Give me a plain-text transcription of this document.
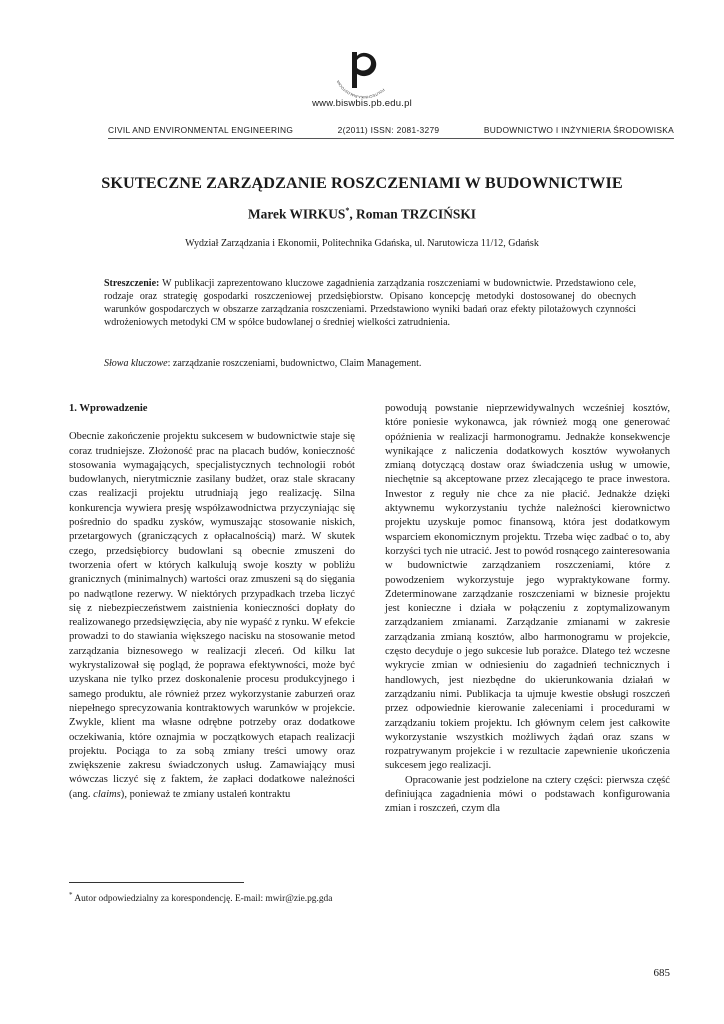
POLITECHNIKA BIAŁOSTOCKA
www.biswbis.pb.edu.pl
CIVIL AND ENVIRONMENTAL ENGINEERING	2(2011) ISSN: 2081-3279	BUDOWNICTWO I INŻYNIERIA ŚRODOWISKA
SKUTECZNE ZARZĄDZANIE ROSZCZENIAMI W BUDOWNICTWIE
Marek WIRKUS*, Roman TRZCIŃSKI
Wydział Zarządzania i Ekonomii, Politechnika Gdańska, ul. Narutowicza 11/12, Gdańsk
Streszczenie: W publikacji zaprezentowano kluczowe zagadnienia zarządzania roszczeniami w budownictwie. Przedstawiono cele, rodzaje oraz strategię gospodarki roszczeniowej przedsiębiorstw. Opisano koncepcję metodyki dostosowanej do obecnych warunków gospodarczych w obszarze zarządzania roszczeniami. Przedstawiono wyniki badań oraz efekty pilotażowych czynności wdrożeniowych metodyki CM w spółce budowlanej o średniej wielkości zatrudnienia.
Słowa kluczowe: zarządzanie roszczeniami, budownictwo, Claim Management.
1. Wprowadzenie

Obecnie zakończenie projektu sukcesem w budownictwie staje się coraz trudniejsze. Złożoność prac na placach budów, konieczność stosowania wymagających, specjalistycznych technologii robót budowlanych, nierytmicznie zasilany budżet, oraz stale skracany czas realizacji projektu utrudniają jego realizację. Silna konkurencja wywiera presję współzawodnictwa przyczyniając się pośrednio do spadku zysków, wymuszając stosowanie niskich, przetargowych (graniczących z opłacalnością) marż. W skutek czego, przedsiębiorcy budowlani są obecnie zmuszeni do tworzenia ofert w których kalkulują swoje koszty w pobliżu granicznych (minimalnych) wartości oraz zmuszeni są do sięgania po nadwątlone rezerwy. W niektórych przypadkach trzeba liczyć się z niebezpieczeństwem zaistnienia konieczności dopłaty do realizowanego przedsięwzięcia, aby nie wypaść z rynku. W efekcie prowadzi to do stawiania większego nacisku na stosowanie metod zarządzania biznesowego w realizacji zleceń. Od kilku lat wykrystalizował się pogląd, że poprawa efektywności, może być uzyskana nie tylko przez doskonalenie procesu produkcyjnego i samego produktu, ale również przez wykorzystanie zaburzeń oraz niepełnego sprecyzowania kontraktowych warunków w projekcie. Zwykle, klient ma własne odrębne potrzeby oraz dodatkowe oczekiwania, które oznajmia w początkowych etapach realizacji projektu. Pociąga to za sobą zmiany treści umowy oraz zwiększenie zakresu świadczonych usług. Zamawiający musi wówczas liczyć się z faktem, że zapłaci dodatkowe należności (ang. claims), ponieważ te zmiany ustaleń kontraktu

powodują powstanie nieprzewidywalnych wcześniej kosztów, które poniesie wykonawca, jak również mogą one generować opóźnienia w realizacji harmonogramu. Jednakże konsekwencje wynikające z naliczenia dodatkowych kosztów wywołanych zmianą dotyczącą dostaw oraz świadczenia usług w umowie, niechętnie są akceptowane przez zlecającego te prace inwestora. Inwestor z reguły nie chce za nie płacić. Jednakże dzięki aktywnemu wykorzystaniu tychże należności kierownictwo projektu uzyskuje pomoc finansową, która jest dodatkowym wsparciem ekonomicznym projektu. Trzeba więc zadbać o to, aby korzyści tych nie utracić. Jest to powód rosnącego zainteresowania w budownictwie zarządzaniem roszczeniami, które z powodzeniem wykorzystuje jego wypraktykowane formy. Zdeterminowane zarządzanie roszczeniami w biznesie projektu jest konieczne i działa w połączeniu z zoptymalizowanym zarządzaniem zmianami. Zarządzanie zmianami w zakresie zarządzania zmianą kosztów, albo harmonogramu w projekcie, często decyduje o jego sukcesie lub porażce. Dlatego też wczesne wykrycie zmian w odniesieniu do zagadnień technicznych i handlowych, jest niezbędne do ukierunkowania działań w zarządzaniu nimi. Publikacja ta ujmuje kwestie obsługi roszczeń przez odpowiednie kierowanie zaleceniami i procedurami w zarządzaniu tokiem projektu. Ich głównym celem jest całkowite wykorzystanie wszystkich możliwych żądań oraz szans w rozpatrywanym projekcie i w rezultacie zapewnienie ukończenia sukcesem jego realizacji.

Opracowanie jest podzielone na cztery części: pierwsza część definiująca zagadnienia mówi o podstawach konfigurowania zmian i roszczeń, czym dla

* Autor odpowiedzialny za korespondencję. E-mail: mwir@zie.pg.gda
685
